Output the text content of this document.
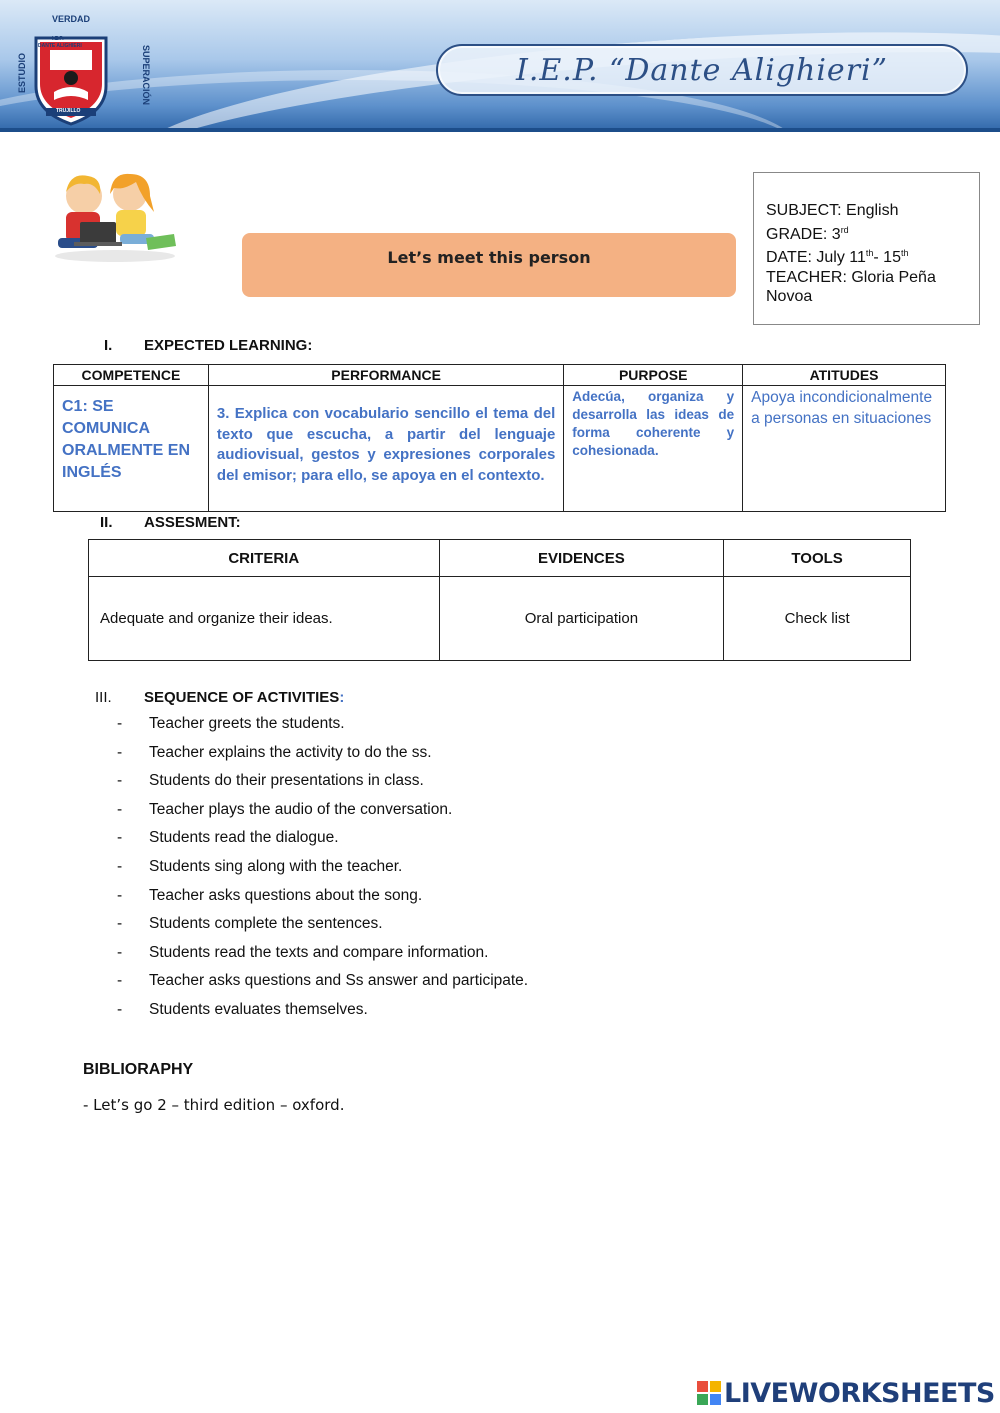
VERDAD
ESTUDIO	SUPERACIÓN
I.E.P.
DANTE ALIGHIERI
TRUJILLO
I.E.P. “Dante Alighieri”
Let’s meet this person
SUBJECT: English
GRADE: 3rd
DATE: July 11th- 15th
TEACHER: Gloria Peña
Novoa
I. EXPECTED LEARNING:
COMPETENCE	PERFORMANCE	PURPOSE	ATITUDES
C1: SE COMUNICA ORALMENTE EN INGLÉS	3. Explica con vocabulario sencillo el tema del texto que escucha, a partir del lenguaje audiovisual, gestos y expresiones corporales del emisor; para ello, se apoya en el contexto.	Adecúa, organiza y desarrolla las ideas de forma coherente y cohesionada.	Apoya incondicionalmente a personas en situaciones
II. ASSESMENT:
CRITERIA	EVIDENCES	TOOLS
Adequate and organize their ideas.	Oral participation	Check list
III. SEQUENCE OF ACTIVITIES:
- Teacher greets the students.
- Teacher explains the activity to do the ss.
- Students do their presentations in class.
- Teacher plays the audio of the conversation.
- Students read the dialogue.
- Students sing along with the teacher.
- Teacher asks questions about the song.
- Students complete the sentences.
- Students read the texts and compare information.
- Teacher asks questions and Ss answer and participate.
- Students evaluates themselves.
BIBLIORAPHY
- Let’s go 2 – third edition – oxford.
LIVEWORKSHEETS
